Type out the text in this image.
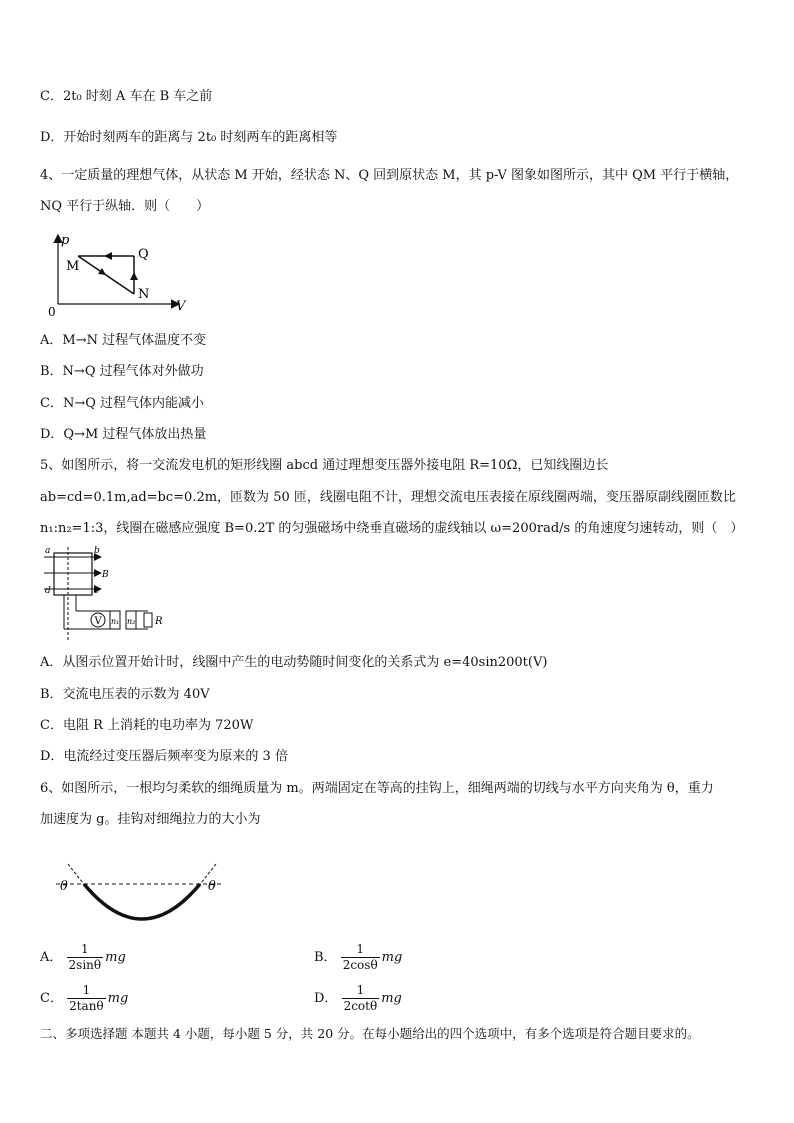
C．2t₀ 时刻 A 车在 B 车之前
D．开始时刻两车的距离与 2t₀ 时刻两车的距离相等
4、一定质量的理想气体，从状态 M 开始，经状态 N、Q 回到原状态 M，其 p-V 图象如图所示，其中 QM 平行于横轴，
NQ 平行于纵轴．则（　　）
p
V
0
M
N
Q
A．M→N 过程气体温度不变
B．N→Q 过程气体对外做功
C．N→Q 过程气体内能减小
D．Q→M 过程气体放出热量
5、如图所示，将一交流发电机的矩形线圈 abcd 通过理想变压器外接电阻 R=10Ω，已知线圈边长
ab=cd=0.1m,ad=bc=0.2m，匝数为 50 匝，线圈电阻不计，理想交流电压表接在原线圈两端，变压器原副线圈匝数比
n₁:n₂=1:3，线圈在磁感应强度 B=0.2T 的匀强磁场中绕垂直磁场的虚线轴以 ω=200rad/s 的角速度匀速转动，则（　）
V n₁ n₂ R
a	b
d	c
B
A．从图示位置开始计时，线圈中产生的电动势随时间变化的关系式为 e=40sin200t(V)
B．交流电压表的示数为 40V
C．电阻 R 上消耗的电功率为 720W
D．电流经过变压器后频率变为原来的 3 倍
6、如图所示，一根均匀柔软的细绳质量为 m。两端固定在等高的挂钩上，细绳两端的切线与水平方向夹角为 θ，重力
加速度为 g。挂钩对细绳拉力的大小为
θ	θ
A． $\frac{1}{2\sin\theta}$ mg	B． $\frac{1}{2\cos\theta}$ mg
C． $\frac{1}{2\tan\theta}$ mg	D． $\frac{1}{2\cot\theta}$ mg
二、多项选择题 本题共 4 小题，每小题 5 分，共 20 分。在每小题给出的四个选项中，有多个选项是符合题目要求的。
